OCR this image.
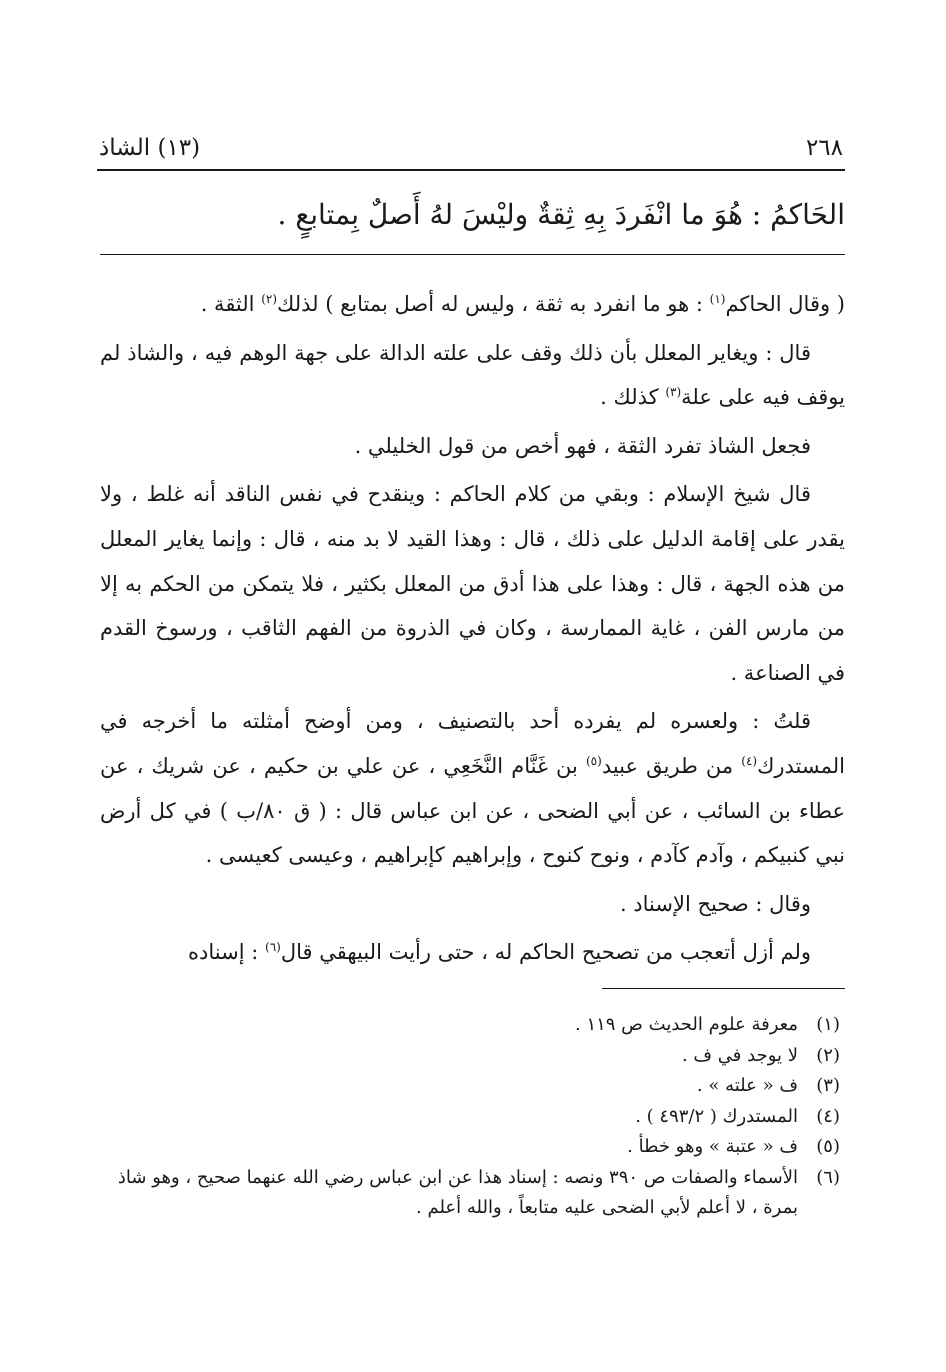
٢٦٨
(١٣) الشاذ
الحَاكمُ : هُوَ ما انْفَردَ بِهِ ثِقةٌ وليْسَ لهُ أَصلٌ بِمتابعٍ .

( وقال الحاكم$^{(١)}$ : هو ما انفرد به ثقة ، وليس له أصل بمتابع ) لذلك$^{(٢)}$ الثقة .

قال : ويغاير المعلل بأن ذلك وقف على علته الدالة على جهة الوهم فيه ، والشاذ لم يوقف فيه على علة$^{(٣)}$ كذلك .

فجعل الشاذ تفرد الثقة ، فهو أخص من قول الخليلي .

قال شيخ الإسلام : وبقي من كلام الحاكم : وينقدح في نفس الناقد أنه غلط ، ولا يقدر على إقامة الدليل على ذلك ، قال : وهذا القيد لا بد منه ، قال : وإنما يغاير المعلل من هذه الجهة ، قال : وهذا على هذا أدق من المعلل بكثير ، فلا يتمكن من الحكم به إلا من مارس الفن ، غاية الممارسة ، وكان في الذروة من الفهم الثاقب ، ورسوخ القدم في الصناعة .

قلتُ : ولعسره لم يفرده أحد بالتصنيف ، ومن أوضح أمثلته ما أخرجه في المستدرك$^{(٤)}$ من طريق عبيد$^{(٥)}$ بن غَنَّام النَّخَعِي ، عن علي بن حكيم ، عن شريك ، عن عطاء بن السائب ، عن أبي الضحى ، عن ابن عباس قال : ( ق ٨٠/ب ) في كل أرض نبي كنبيكم ، وآدم كآدم ، ونوح كنوح ، وإبراهيم كإبراهيم ، وعيسى كعيسى .

وقال : صحيح الإسناد .

ولم أزل أتعجب من تصحيح الحاكم له ، حتى رأيت البيهقي قال$^{(٦)}$ : إسناده

(١)
معرفة علوم الحديث ص ١١٩ .
(٢)
لا يوجد في ف .
(٣)
ف « علته » .
(٤)
المستدرك ( ٤٩٣/٢ ) .
(٥)
ف « عتبة » وهو خطأ .
(٦)
الأسماء والصفات ص ٣٩٠ ونصه : إسناد هذا عن ابن عباس رضي الله عنهما صحيح ، وهو شاذ بمرة ، لا أعلم لأبي الضحى عليه متابعاً ، والله أعلم .
